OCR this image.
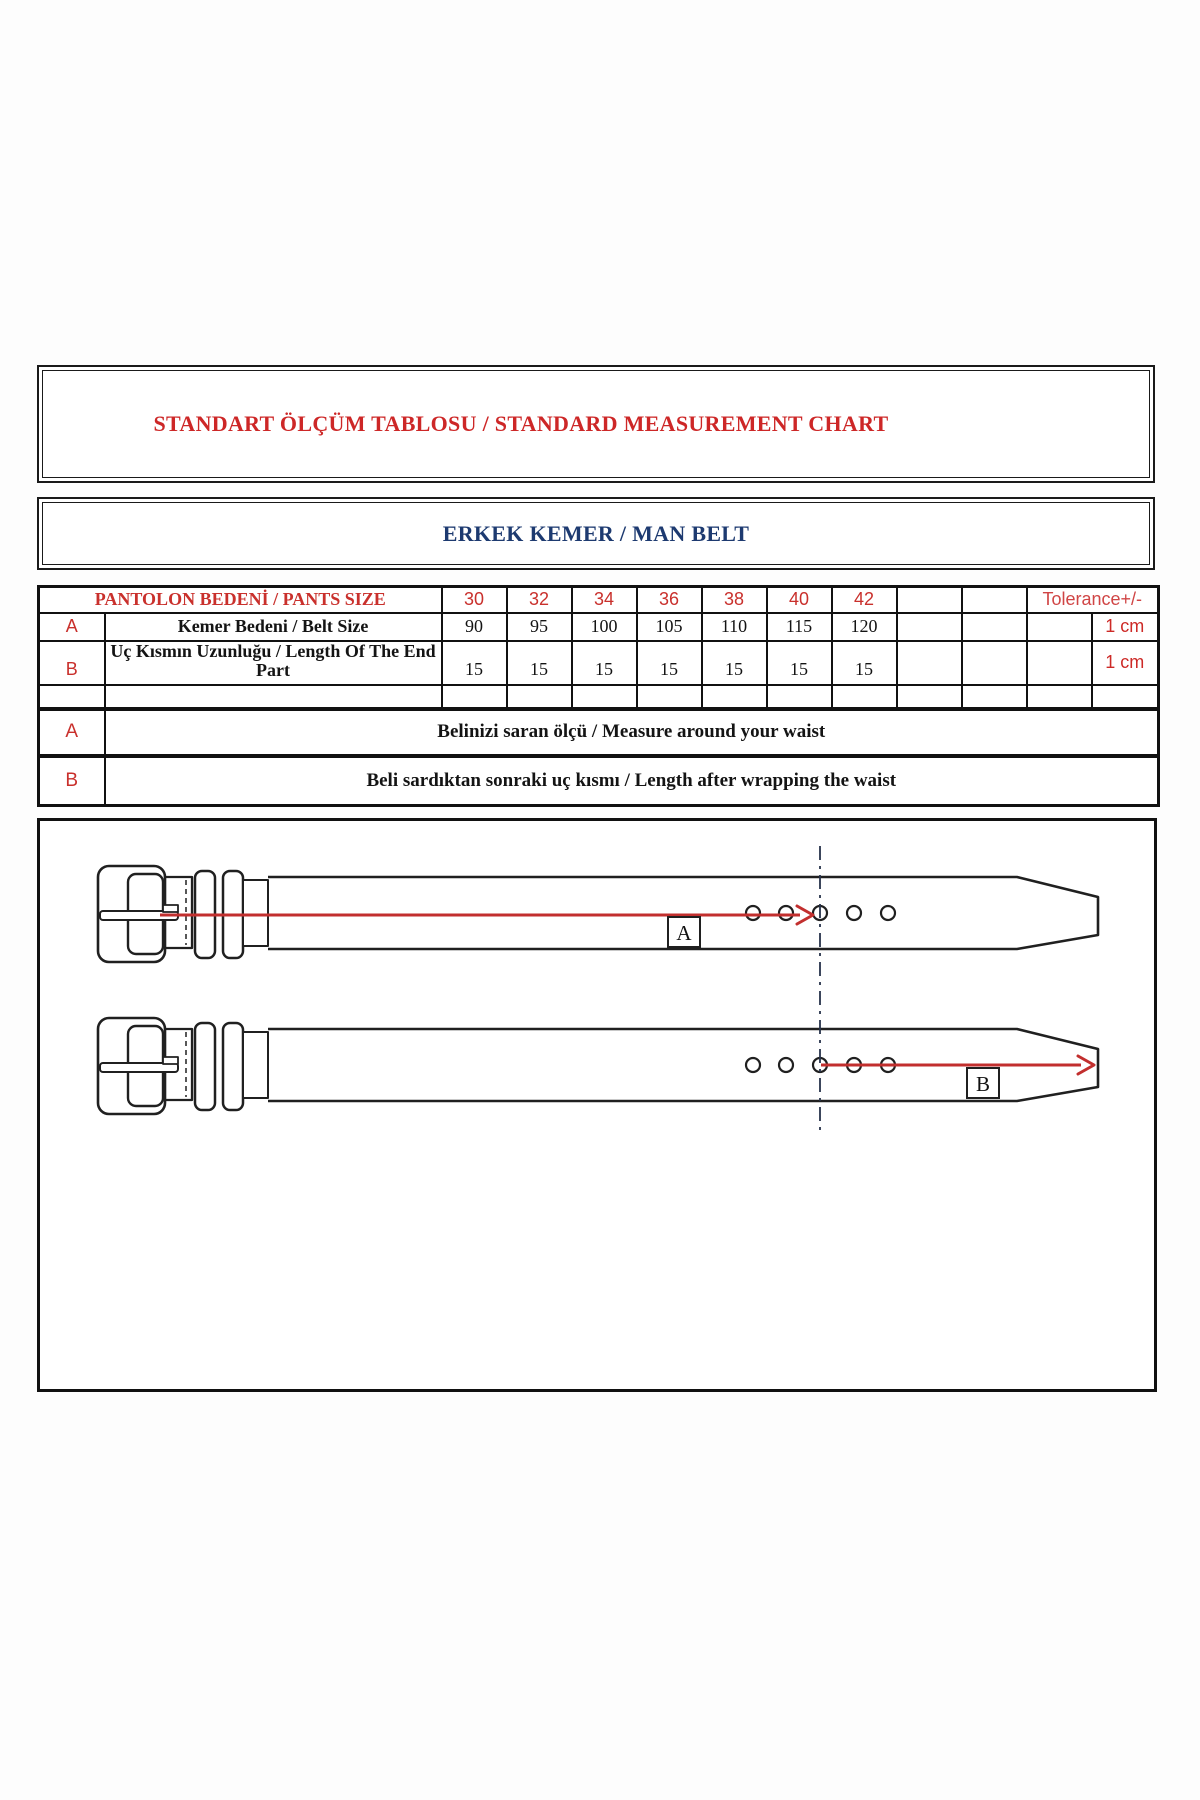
STANDART ÖLÇÜM TABLOSU / STANDARD MEASUREMENT CHART
ERKEK KEMER / MAN BELT
PANTOLON BEDENİ / PANTS SIZE		30	32	34	36	38	40	42			Tolerance+/-	
A	Kemer Bedeni / Belt Size	90	95	100	105	110	115	120				1 cm
B	Uç Kısmın Uzunluğu / Length Of The End Part	15	15	15	15	15	15	15				1 cm

A	Belinizi saran ölçü / Measure around your waist											
B	Beli sardıktan sonraki uç kısmı / Length after wrapping the waist											
A
B
